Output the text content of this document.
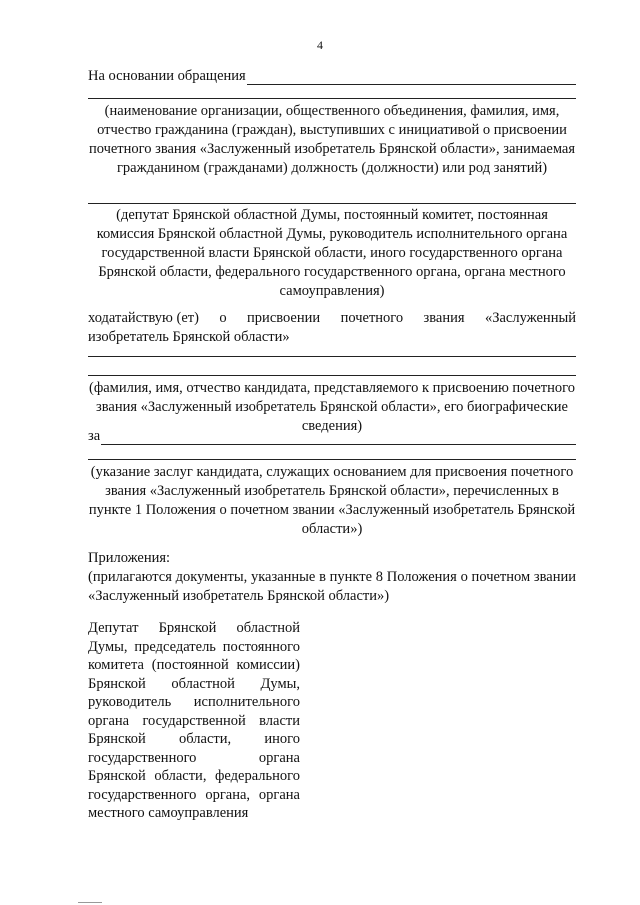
4
На основании обращения
(наименование организации, общественного объединения, фамилия, имя, отчество гражданина (граждан), выступивших с инициативой о присвоении почетного звания «Заслуженный изобретатель Брянской области», занимаемая гражданином (гражданами) должность (должности) или род занятий)
(депутат Брянской областной Думы, постоянный комитет, постоянная комиссия Брянской областной Думы, руководитель исполнительного органа государственной власти Брянской области, иного государственного органа Брянской области, федерального государственного органа, органа местного самоуправления)
ходатайствую (ет) о присвоении почетного звания «Заслуженный
изобретатель Брянской области»
(фамилия, имя, отчество кандидата, представляемого к присвоению почетного звания «Заслуженный изобретатель Брянской области», его биографические сведения)
за
(указание заслуг кандидата, служащих основанием для присвоения почетного звания «Заслуженный изобретатель Брянской области», перечисленных в пункте 1 Положения о почетном звании «Заслуженный изобретатель Брянской области»)
Приложения:
(прилагаются документы, указанные в пункте 8 Положения о почетном звании «Заслуженный изобретатель Брянской области»)
Депутат Брянской областной Думы, председатель постоянного комитета (постоянной комиссии) Брянской областной Думы, руководитель исполнительного органа государственной власти Брянской области, иного государственного органа Брянской области, федерального государственного органа, органа местного самоуправления
